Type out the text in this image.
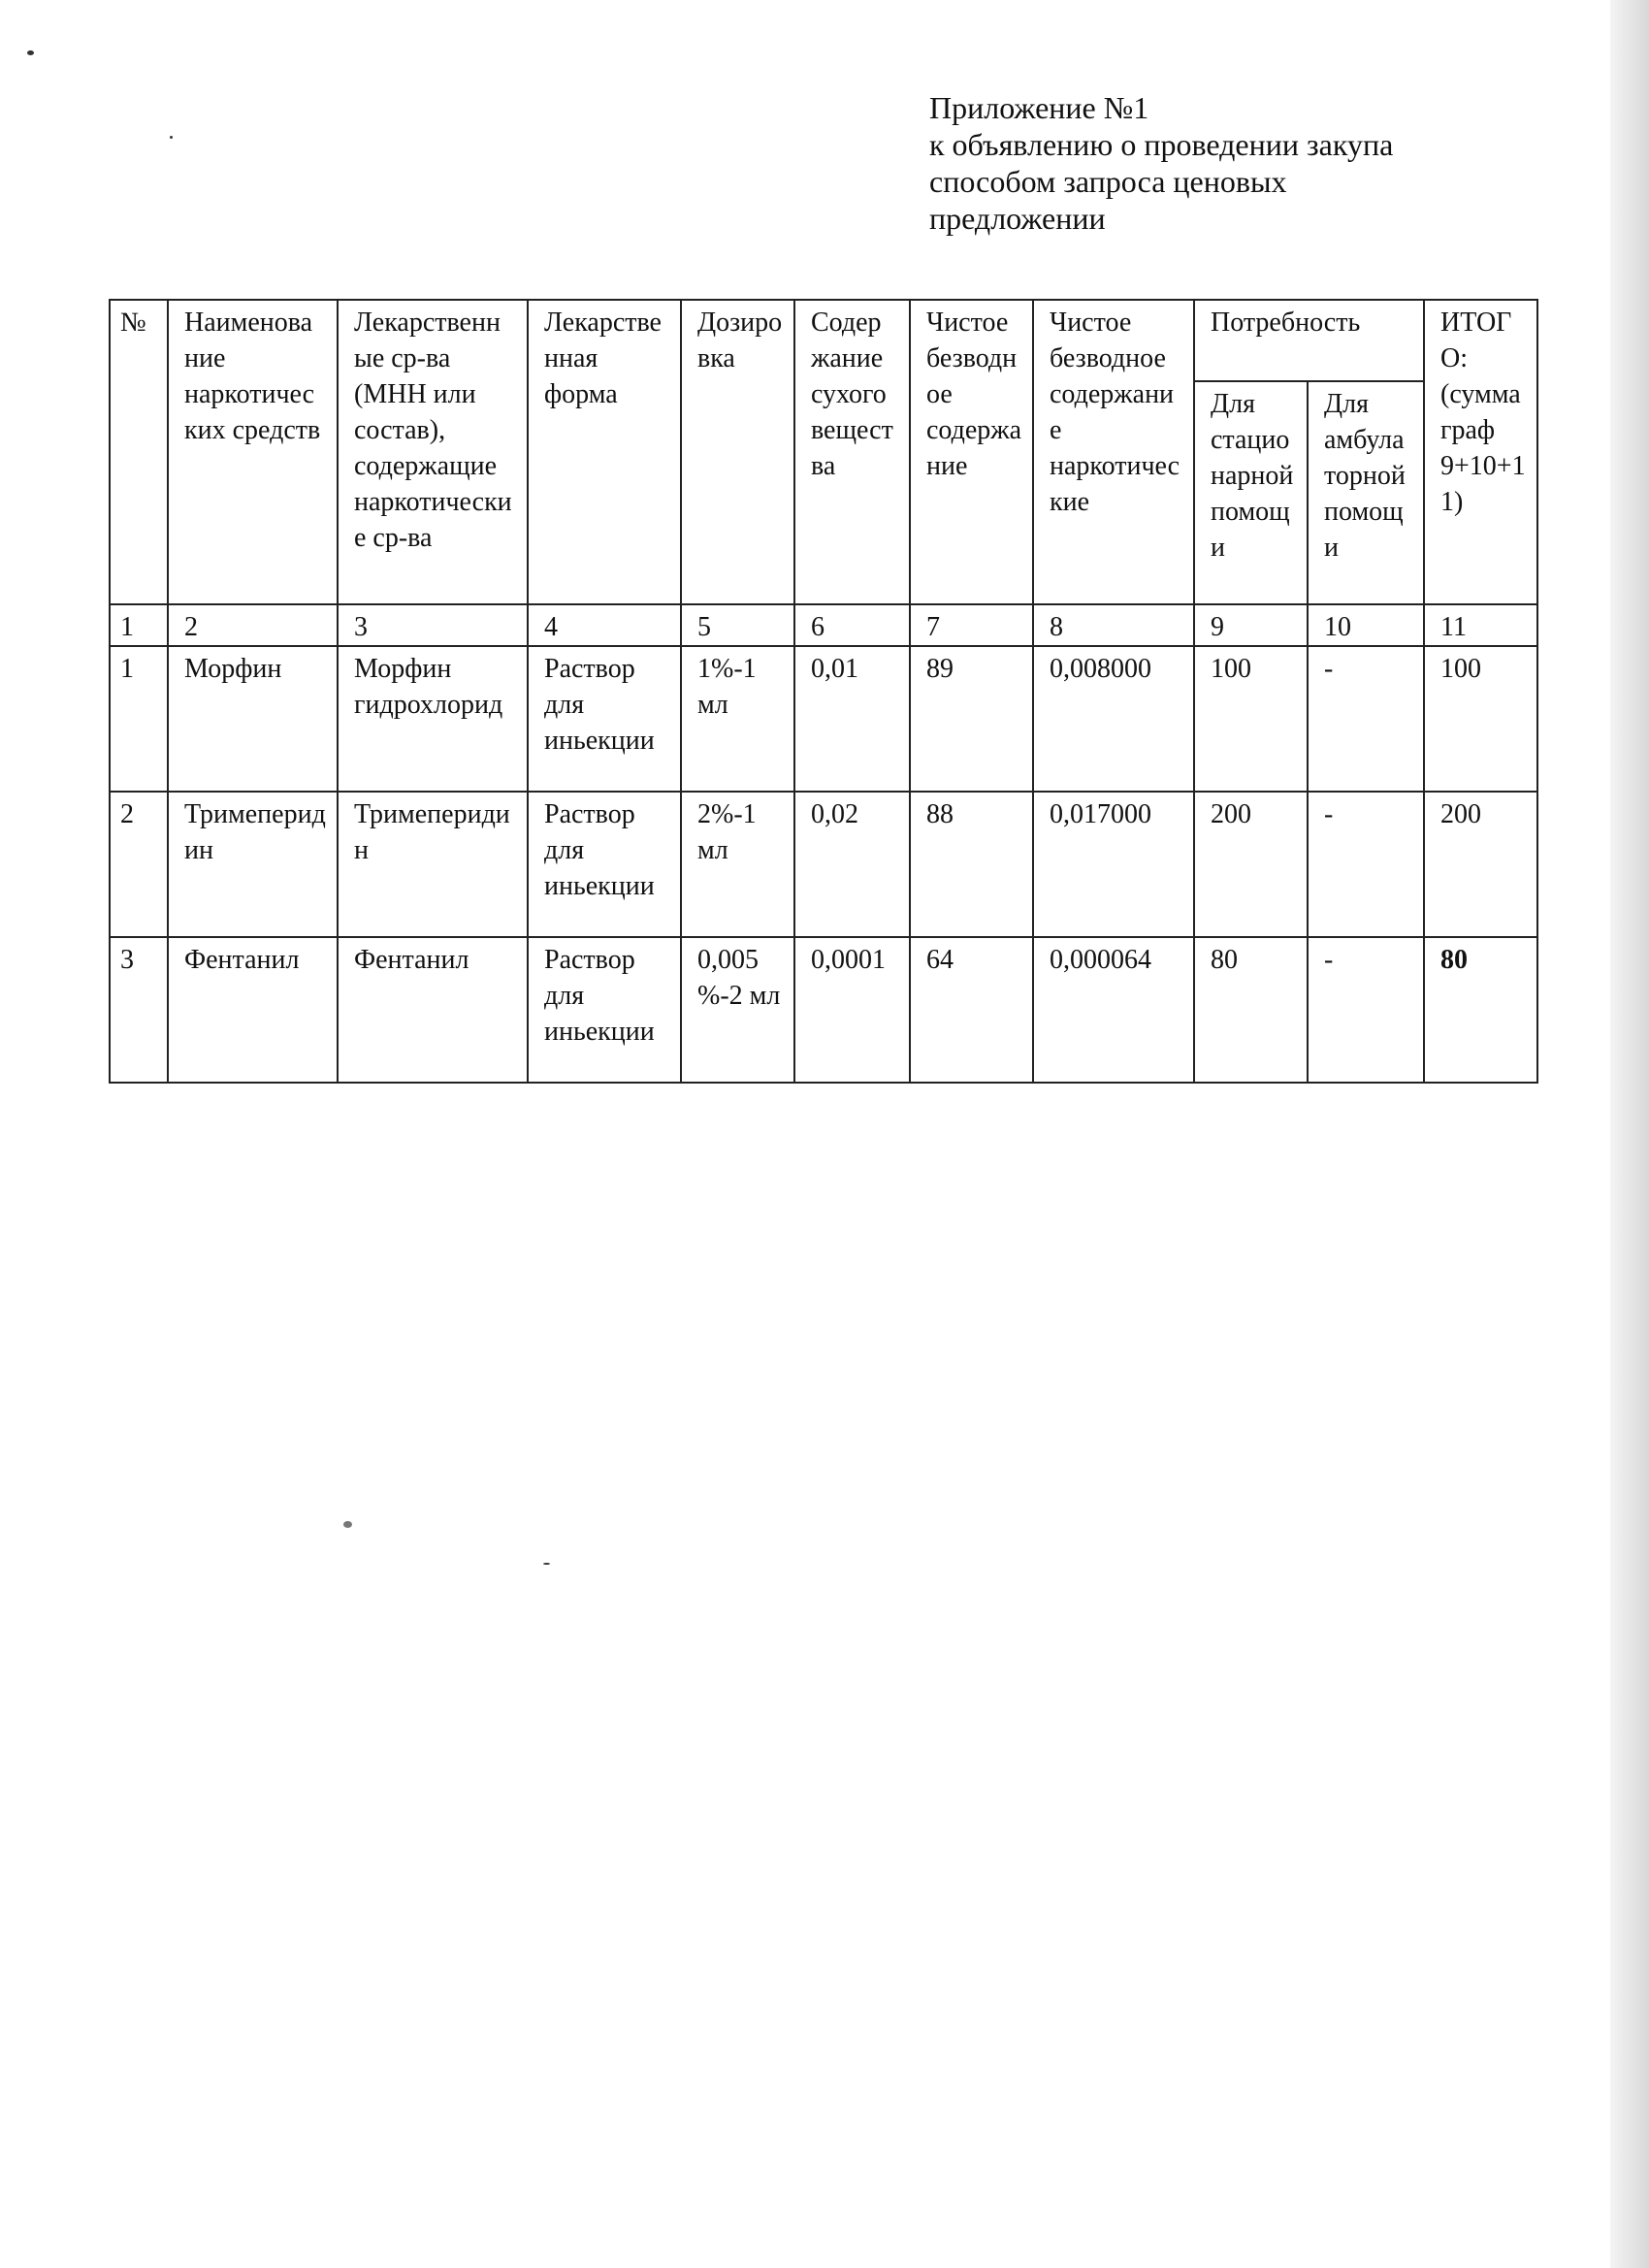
Приложение №1
к объявлению о проведении закупа
способом запроса ценовых
предложении
№	Наименование наркотических средств	Лекарственные ср-ва (МНН или состав), содержащие наркотические ср-ва	Лекарственная форма	Дозировка	Содержание сухого вещества	Чистое безводное содержание	Чистое безводное содержание наркотические	Потребность		ИТОГО: (сумма граф 9+10+11)
								Для стационарной помощи	Для амбулаторной помощи	
1	2	3	4	5	6	7	8	9	10	11
1	Морфин	Морфин гидрохлорид	Раствор для иньекции	1%-1 мл	0,01	89	0,008000	100	-	100
2	Тримеперидин	Тримеперидин	Раствор для иньекции	2%-1 мл	0,02	88	0,017000	200	-	200
3	Фентанил	Фентанил	Раствор для иньекции	0,005 %-2 мл	0,0001	64	0,000064	80	-	80
